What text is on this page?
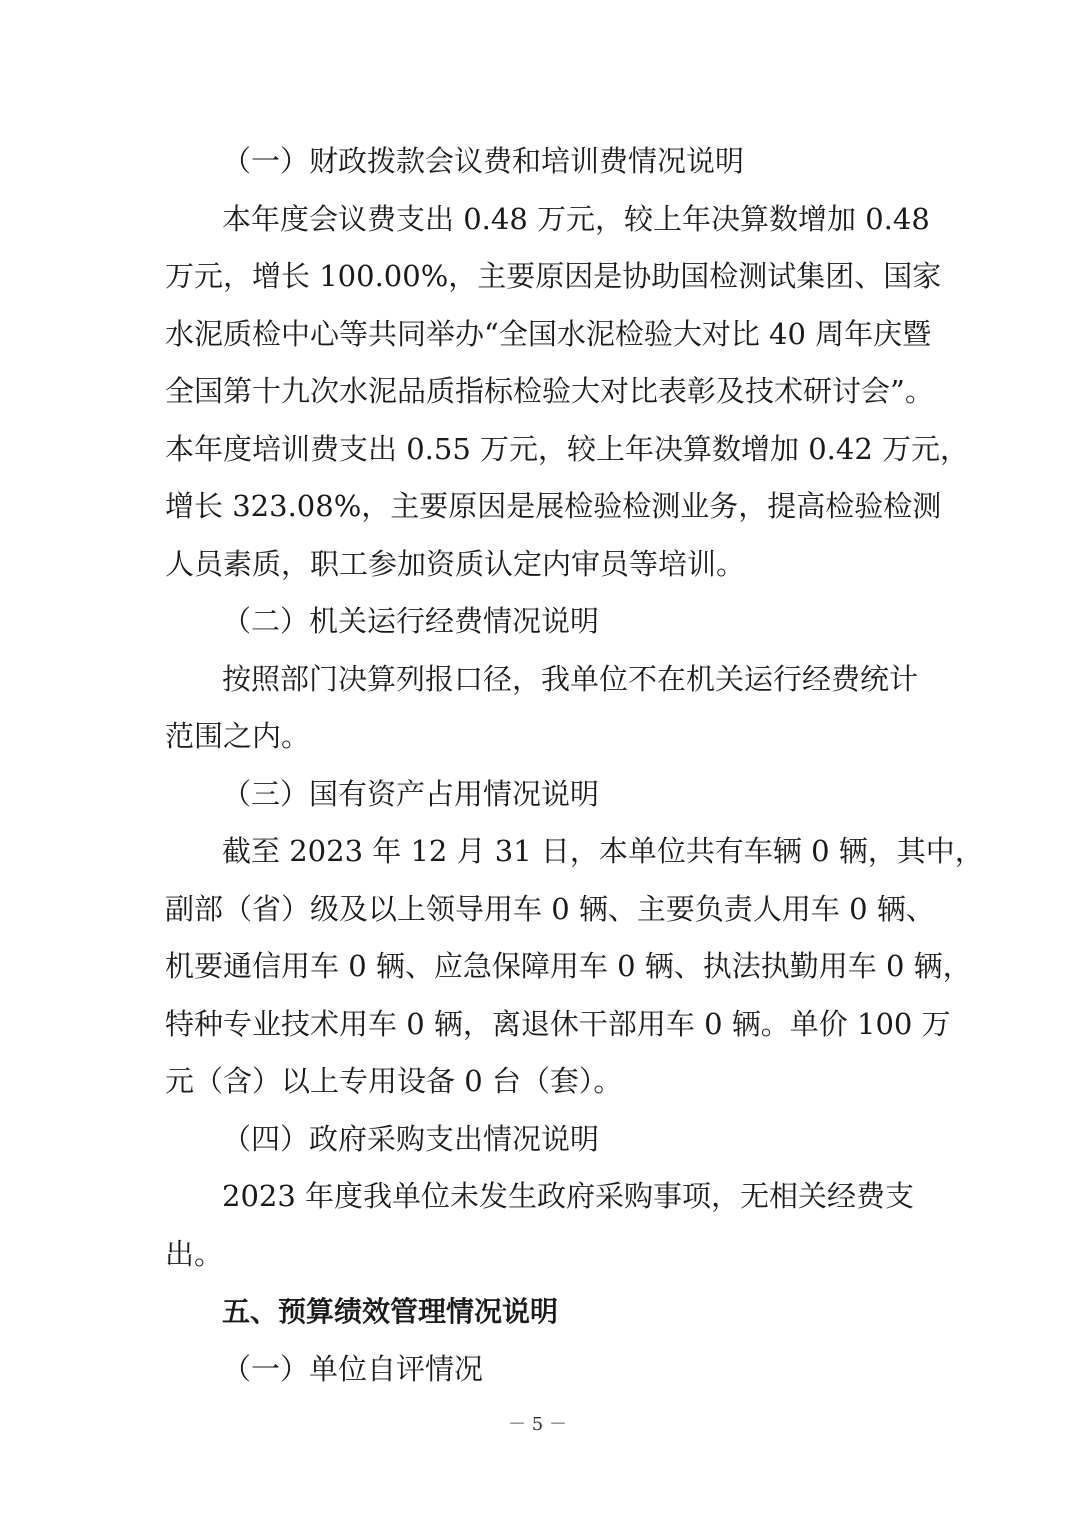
（一）财政拨款会议费和培训费情况说明
本年度会议费支出 0.48 万元，较上年决算数增加 0.48
万元，增长 100.00%，主要原因是协助国检测试集团、国家
水泥质检中心等共同举办“全国水泥检验大对比 40 周年庆暨
全国第十九次水泥品质指标检验大对比表彰及技术研讨会”。
本年度培训费支出 0.55 万元，较上年决算数增加 0.42 万元，
增长 323.08%，主要原因是展检验检测业务，提高检验检测
人员素质，职工参加资质认定内审员等培训。
（二）机关运行经费情况说明
按照部门决算列报口径，我单位不在机关运行经费统计
范围之内。
（三）国有资产占用情况说明
截至 2023 年 12 月 31 日，本单位共有车辆 0 辆，其中，
副部（省）级及以上领导用车 0 辆、主要负责人用车 0 辆、
机要通信用车 0 辆、应急保障用车 0 辆、执法执勤用车 0 辆，
特种专业技术用车 0 辆，离退休干部用车 0 辆。单价 100 万
元（含）以上专用设备 0 台（套）。
（四）政府采购支出情况说明
2023 年度我单位未发生政府采购事项，无相关经费支
出。
五、预算绩效管理情况说明
（一）单位自评情况
－ 5 －
